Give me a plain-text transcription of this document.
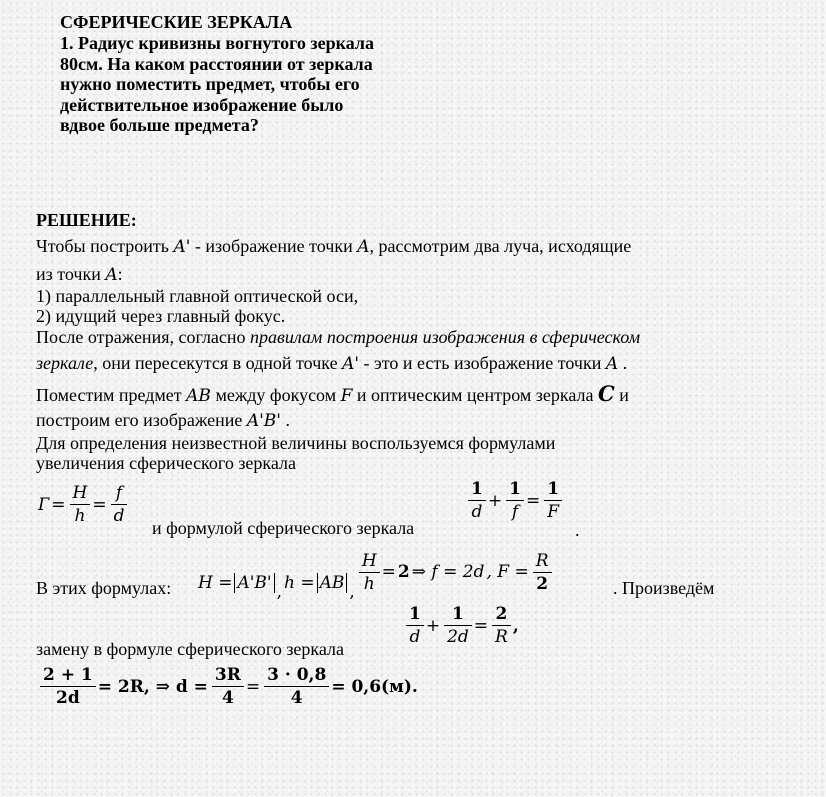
СФЕРИЧЕСКИЕ ЗЕРКАЛА
1. Радиус кривизны вогнутого зеркала
80см. На каком расстоянии от зеркала
нужно поместить предмет, чтобы его
действительное изображение было
вдвое больше предмета?
РЕШЕНИЕ:
Чтобы построить A' - изображение точки A, рассмотрим два луча, исходящие
из точки A:
1) параллельный главной оптической оси,
2) идущий через главный фокус.
После отражения, согласно правилам построения изображения в сферическом
зеркале, они пересекутся в одной точке A' - это и есть изображение точки A .
Поместим предмет AB между фокусом F и оптическим центром зеркала C и
построим его изображение A'B' .
Для определения неизвестной величины воспользуемся формулами
увеличения сферического зеркала
$Г = \frac{H}{h} = \frac{f}{d}$
и формулой сферического зеркала
$\frac{1}{d} + \frac{1}{f} = \frac{1}{F}$
.
В этих формулах: H = A'B' , h = AB , $\frac{H}{h} = 2$ ⇒ f = 2d , $F = \frac{R}{2}$	. Произведём
$\frac{1}{d} + \frac{1}{2d} = \frac{2}{R}$ ,
замену в формуле сферического зеркала
$\frac{2 + 1}{2d} = 2R$, ⇒ $d = \frac{3R}{4} = \frac{3 \cdot 0,8}{4} = 0,6(м)$.
